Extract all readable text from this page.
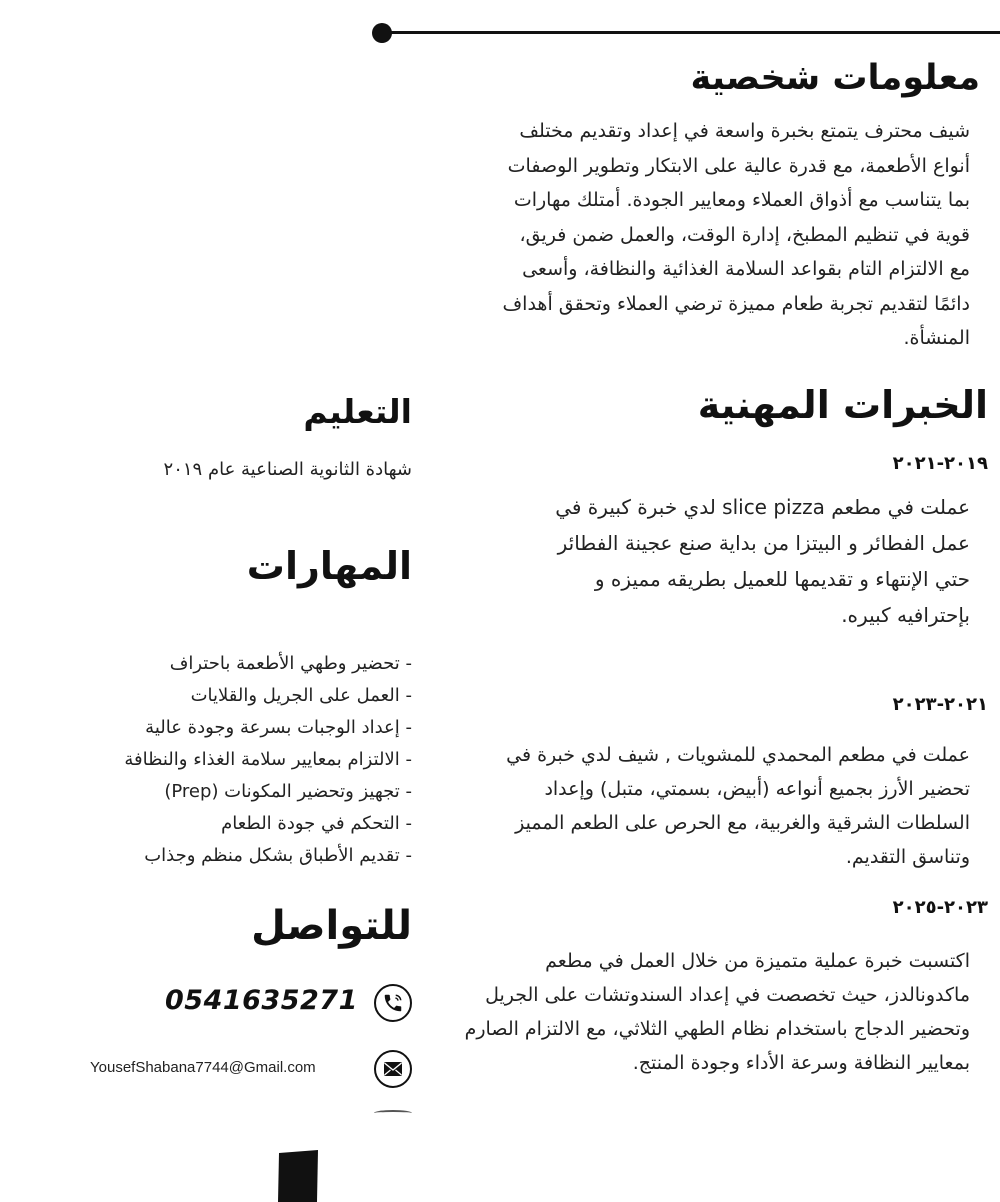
معلومات شخصية
شيف محترف يتمتع بخبرة واسعة في إعداد وتقديم مختلف أنواع الأطعمة، مع قدرة عالية على الابتكار وتطوير الوصفات بما يتناسب مع أذواق العملاء ومعايير الجودة. أمتلك مهارات قوية في تنظيم المطبخ، إدارة الوقت، والعمل ضمن فريق، مع الالتزام التام بقواعد السلامة الغذائية والنظافة، وأسعى دائمًا لتقديم تجربة طعام مميزة ترضي العملاء وتحقق أهداف المنشأة.
الخبرات المهنية
٢٠١٩-٢٠٢١
عملت في مطعم slice pizza لدي خبرة كبيرة في عمل الفطائر و البيتزا من بداية صنع عجينة الفطائر حتي الإنتهاء و تقديمها للعميل بطريقه مميزه و بإحترافيه كبيره.
٢٠٢١-٢٠٢٣
عملت في مطعم المحمدي للمشويات , شيف لدي خبرة في تحضير الأرز بجميع أنواعه (أبيض، بسمتي، متبل) وإعداد السلطات الشرقية والغربية، مع الحرص على الطعم المميز وتناسق التقديم.
٢٠٢٣-٢٠٢٥
اكتسبت خبرة عملية متميزة من خلال العمل في مطعم ماكدونالدز، حيث تخصصت في إعداد السندوتشات على الجريل وتحضير الدجاج باستخدام نظام الطهي الثلاثي، مع الالتزام الصارم بمعايير النظافة وسرعة الأداء وجودة المنتج.
التعليم
شهادة الثانوية الصناعية عام ٢٠١٩
المهارات
- تحضير وطهي الأطعمة باحتراف
- العمل على الجريل والقلايات
- إعداد الوجبات بسرعة وجودة عالية
- الالتزام بمعايير سلامة الغذاء والنظافة
- تجهيز وتحضير المكونات (Prep)
- التحكم في جودة الطعام
- تقديم الأطباق بشكل منظم وجذاب
للتواصل
0541635271
YousefShabana7744@Gmail.com
